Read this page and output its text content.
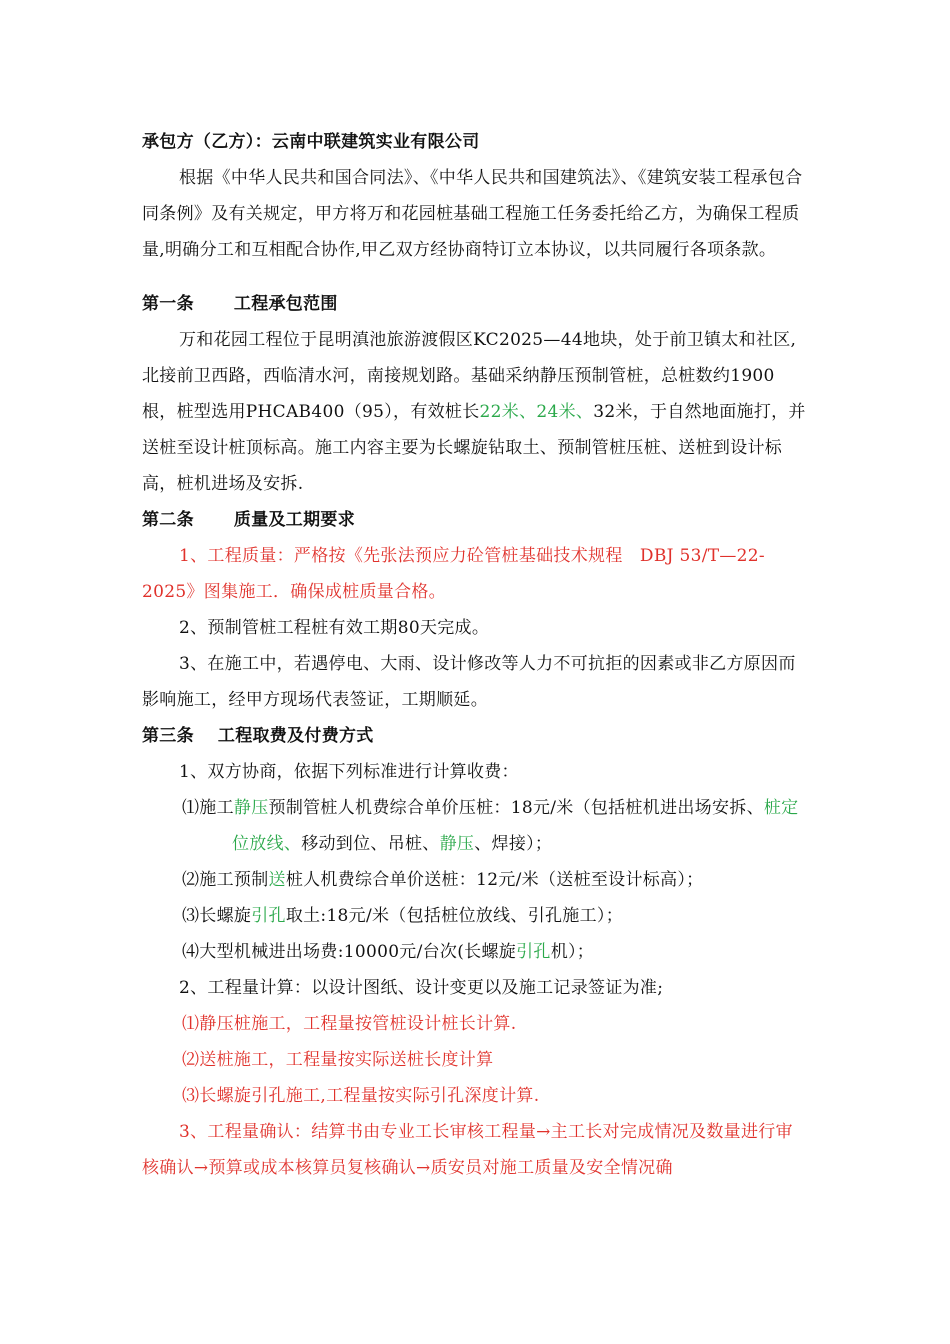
承包方（乙方）：云南中联建筑实业有限公司

根据《中华人民共和国合同法》、《中华人民共和国建筑法》、《建筑安装工程承包合同条例》及有关规定，甲方将万和花园桩基础工程施工任务委托给乙方，为确保工程质量,明确分工和互相配合协作,甲乙双方经协商特订立本协议，以共同履行各项条款。

第一条 工程承包范围

万和花园工程位于昆明滇池旅游渡假区KC2025—44地块，处于前卫镇太和社区,北接前卫西路，西临清水河，南接规划路。基础采纳静压预制管桩，总桩数约1900根，桩型选用PHCAB400（95），有效桩长22米、24米、32米，于自然地面施打，并送桩至设计桩顶标高。施工内容主要为长螺旋钻取土、预制管桩压桩、送桩到设计标高，桩机进场及安拆.

第二条 质量及工期要求

1、工程质量：严格按《先张法预应力砼管桩基础技术规程　DBJ 53/T—22-2025》图集施工．确保成桩质量合格。

2、预制管桩工程桩有效工期80天完成。

3、在施工中，若遇停电、大雨、设计修改等人力不可抗拒的因素或非乙方原因而影响施工，经甲方现场代表签证，工期顺延。

第三条 工程取费及付费方式

1、双方协商，依据下列标准进行计算收费：

⑴施工静压预制管桩人机费综合单价压桩：18元/米（包括桩机进出场安拆、桩定位放线、移动到位、吊桩、静压、焊接）；

⑵施工预制送桩人机费综合单价送桩：12元/米（送桩至设计标高）；

⑶长螺旋引孔取土:18元/米（包括桩位放线、引孔施工）；

⑷大型机械进出场费:10000元/台次(长螺旋引孔机）；

2、工程量计算：以设计图纸、设计变更以及施工记录签证为准;

⑴静压桩施工，工程量按管桩设计桩长计算.

⑵送桩施工，工程量按实际送桩长度计算

⑶长螺旋引孔施工,工程量按实际引孔深度计算.

3、工程量确认：结算书由专业工长审核工程量→主工长对完成情况及数量进行审核确认→预算或成本核算员复核确认→质安员对施工质量及安全情况确
